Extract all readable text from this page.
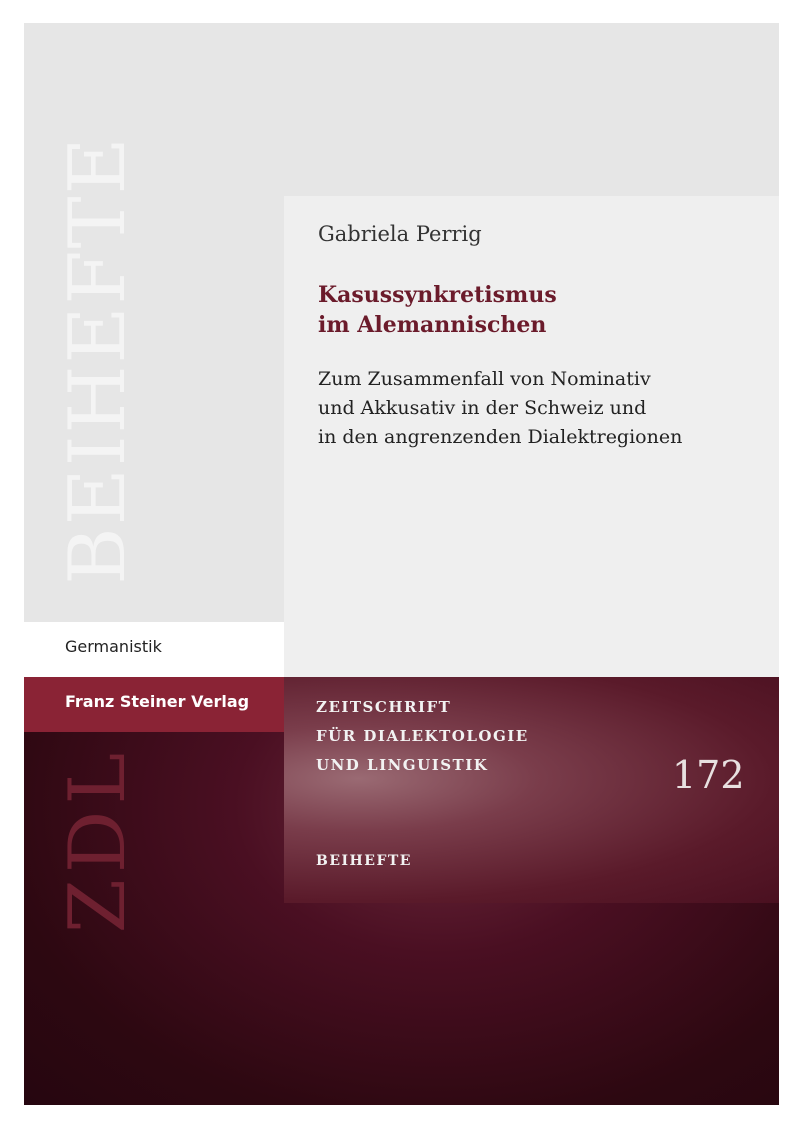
BEIHEFTE	Gabriela Perrig
Kasussynkretismus
im Alemannischen
Zum Zusammenfall von Nominativ
und Akkusativ in der Schweiz und
in den angrenzenden Dialektregionen
Germanistik
Franz Steiner Verlag	ZEITSCHRIFT
FÜR DIALEKTOLOGIE
UND LINGUISTIK
BEIHEFTE
ZDL	172
